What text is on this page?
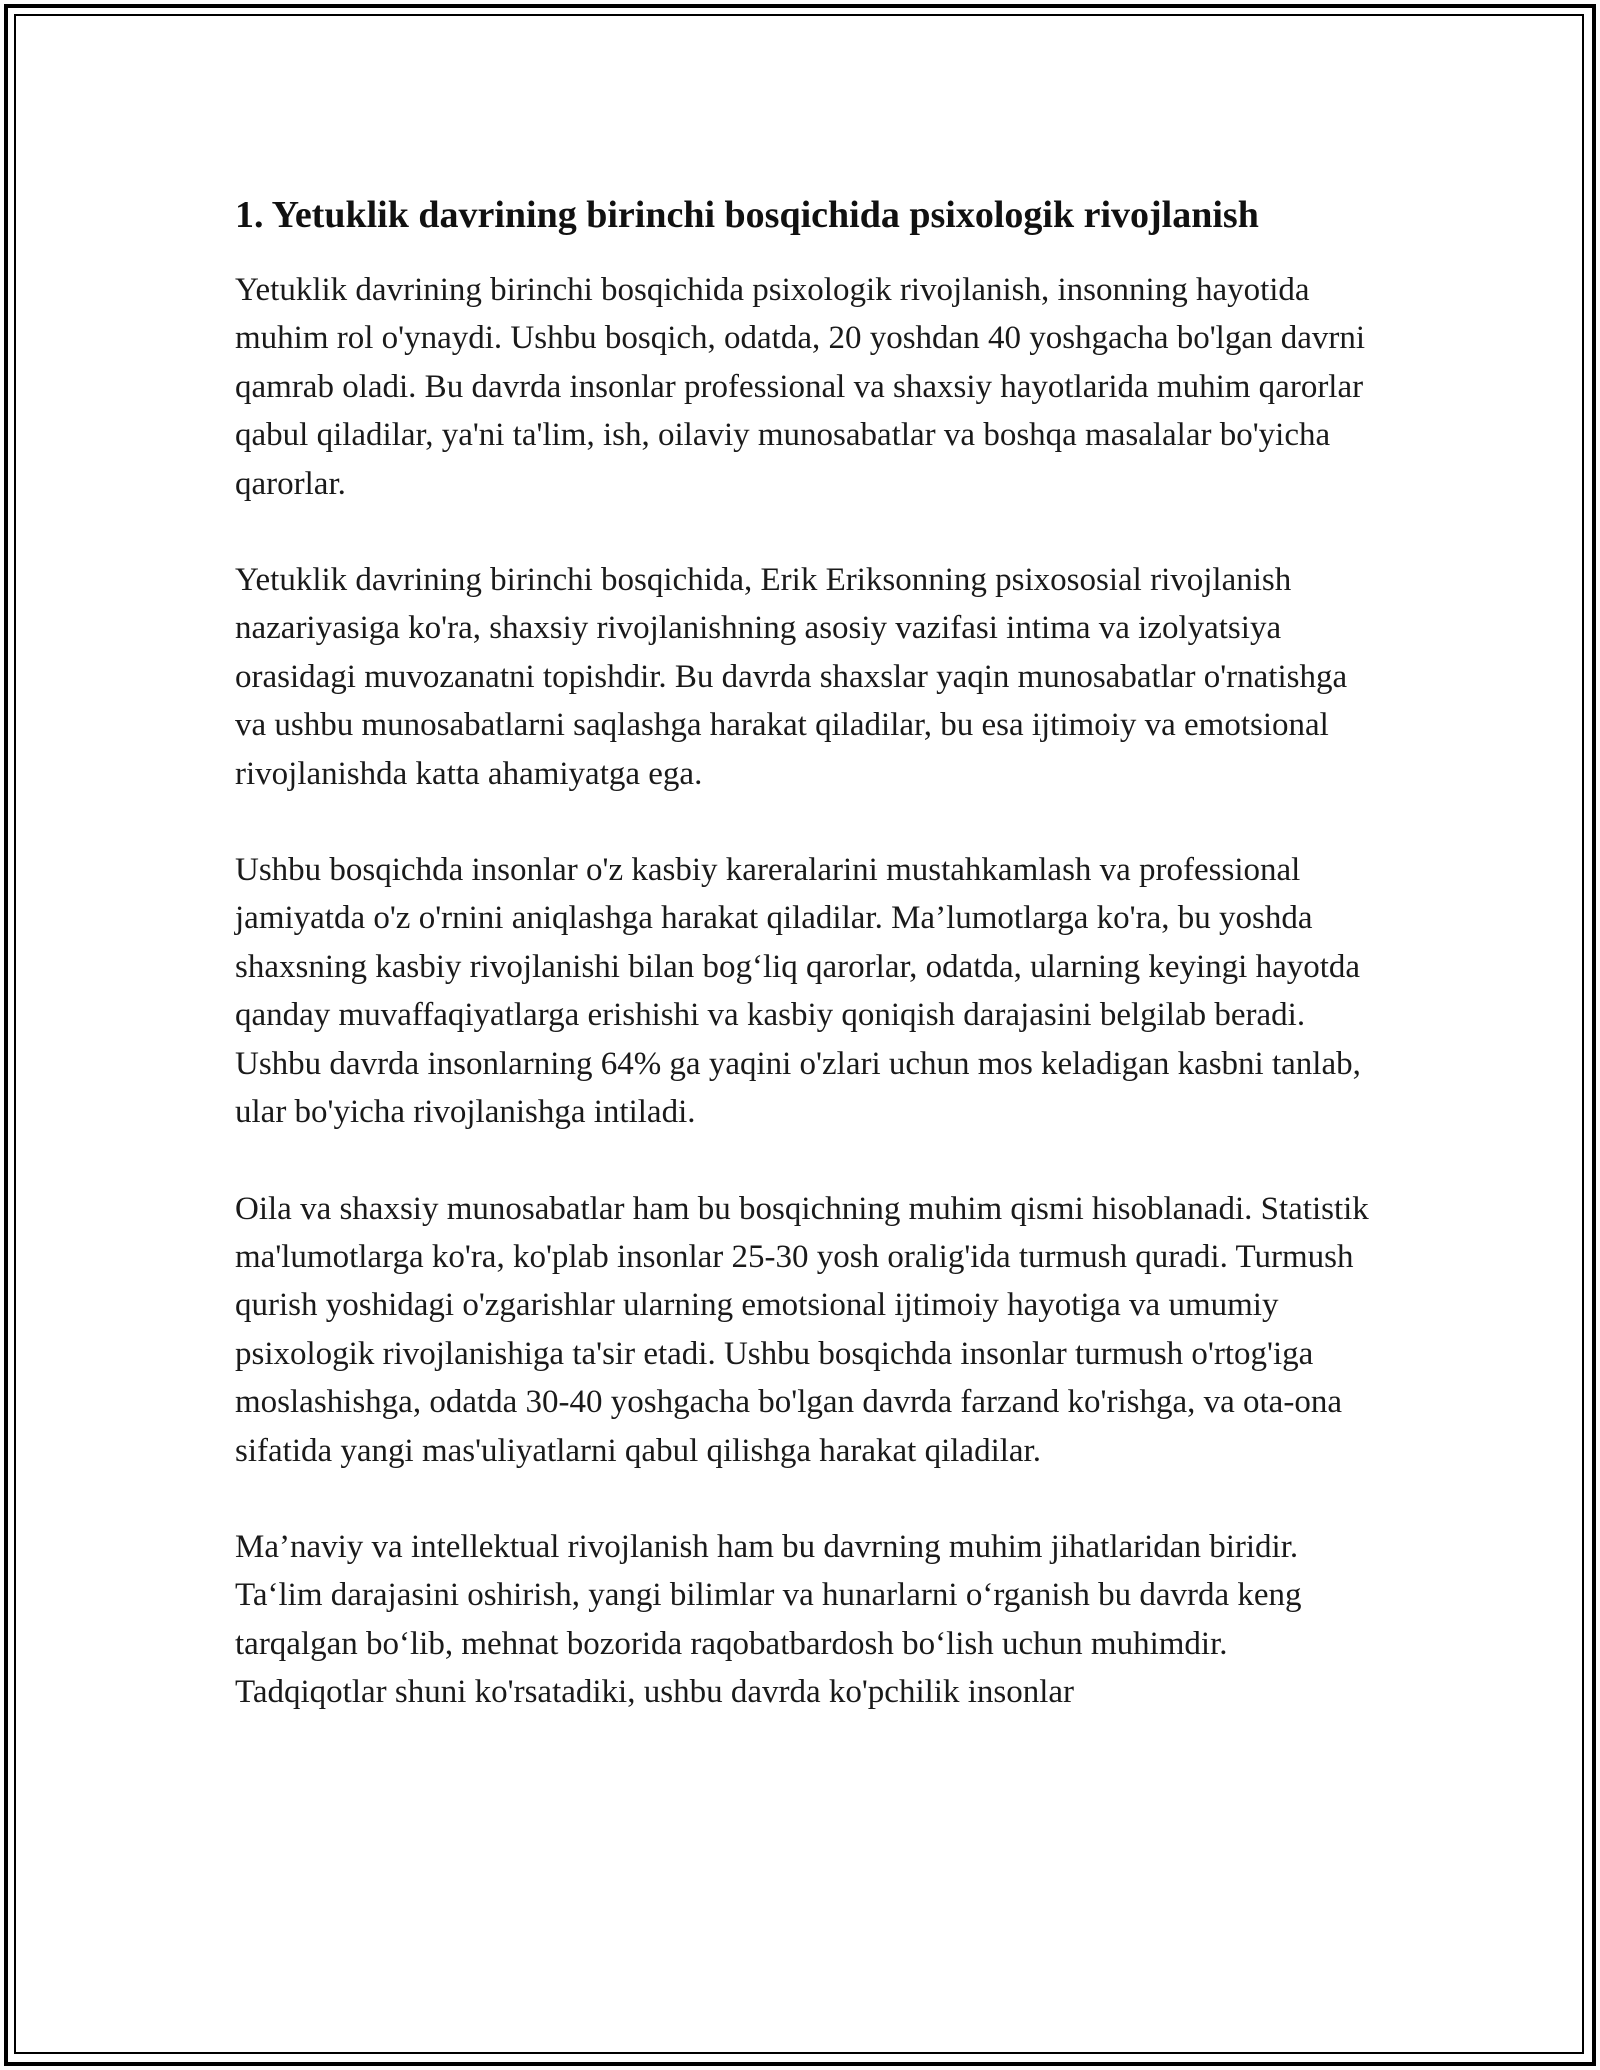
1. Yetuklik davrining birinchi bosqichida psixologik rivojlanish

Yetuklik davrining birinchi bosqichida psixologik rivojlanish, insonning hayotida muhim rol o'ynaydi. Ushbu bosqich, odatda, 20 yoshdan 40 yoshgacha bo'lgan davrni qamrab oladi. Bu davrda insonlar professional va shaxsiy hayotlarida muhim qarorlar qabul qiladilar, ya'ni ta'lim, ish, oilaviy munosabatlar va boshqa masalalar bo'yicha qarorlar.

Yetuklik davrining birinchi bosqichida, Erik Eriksonning psixososial rivojlanish nazariyasiga ko'ra, shaxsiy rivojlanishning asosiy vazifasi intima va izolyatsiya orasidagi muvozanatni topishdir. Bu davrda shaxslar yaqin munosabatlar o'rnatishga va ushbu munosabatlarni saqlashga harakat qiladilar, bu esa ijtimoiy va emotsional rivojlanishda katta ahamiyatga ega.

Ushbu bosqichda insonlar o'z kasbiy kareralarini mustahkamlash va professional jamiyatda o'z o'rnini aniqlashga harakat qiladilar. Ma’lumotlarga ko'ra, bu yoshda shaxsning kasbiy rivojlanishi bilan bog‘liq qarorlar, odatda, ularning keyingi hayotda qanday muvaffaqiyatlarga erishishi va kasbiy qoniqish darajasini belgilab beradi. Ushbu davrda insonlarning 64% ga yaqini o'zlari uchun mos keladigan kasbni tanlab, ular bo'yicha rivojlanishga intiladi.

Oila va shaxsiy munosabatlar ham bu bosqichning muhim qismi hisoblanadi. Statistik ma'lumotlarga ko'ra, ko'plab insonlar 25-30 yosh oralig'ida turmush quradi. Turmush qurish yoshidagi o'zgarishlar ularning emotsional ijtimoiy hayotiga va umumiy psixologik rivojlanishiga ta'sir etadi. Ushbu bosqichda insonlar turmush o'rtog'iga moslashishga, odatda 30-40 yoshgacha bo'lgan davrda farzand ko'rishga, va ota-ona sifatida yangi mas'uliyatlarni qabul qilishga harakat qiladilar.

Ma’naviy va intellektual rivojlanish ham bu davrning muhim jihatlaridan biridir. Ta‘lim darajasini oshirish, yangi bilimlar va hunarlarni o‘rganish bu davrda keng tarqalgan bo‘lib, mehnat bozorida raqobatbardosh bo‘lish uchun muhimdir. Tadqiqotlar shuni ko'rsatadiki, ushbu davrda ko'pchilik insonlar
